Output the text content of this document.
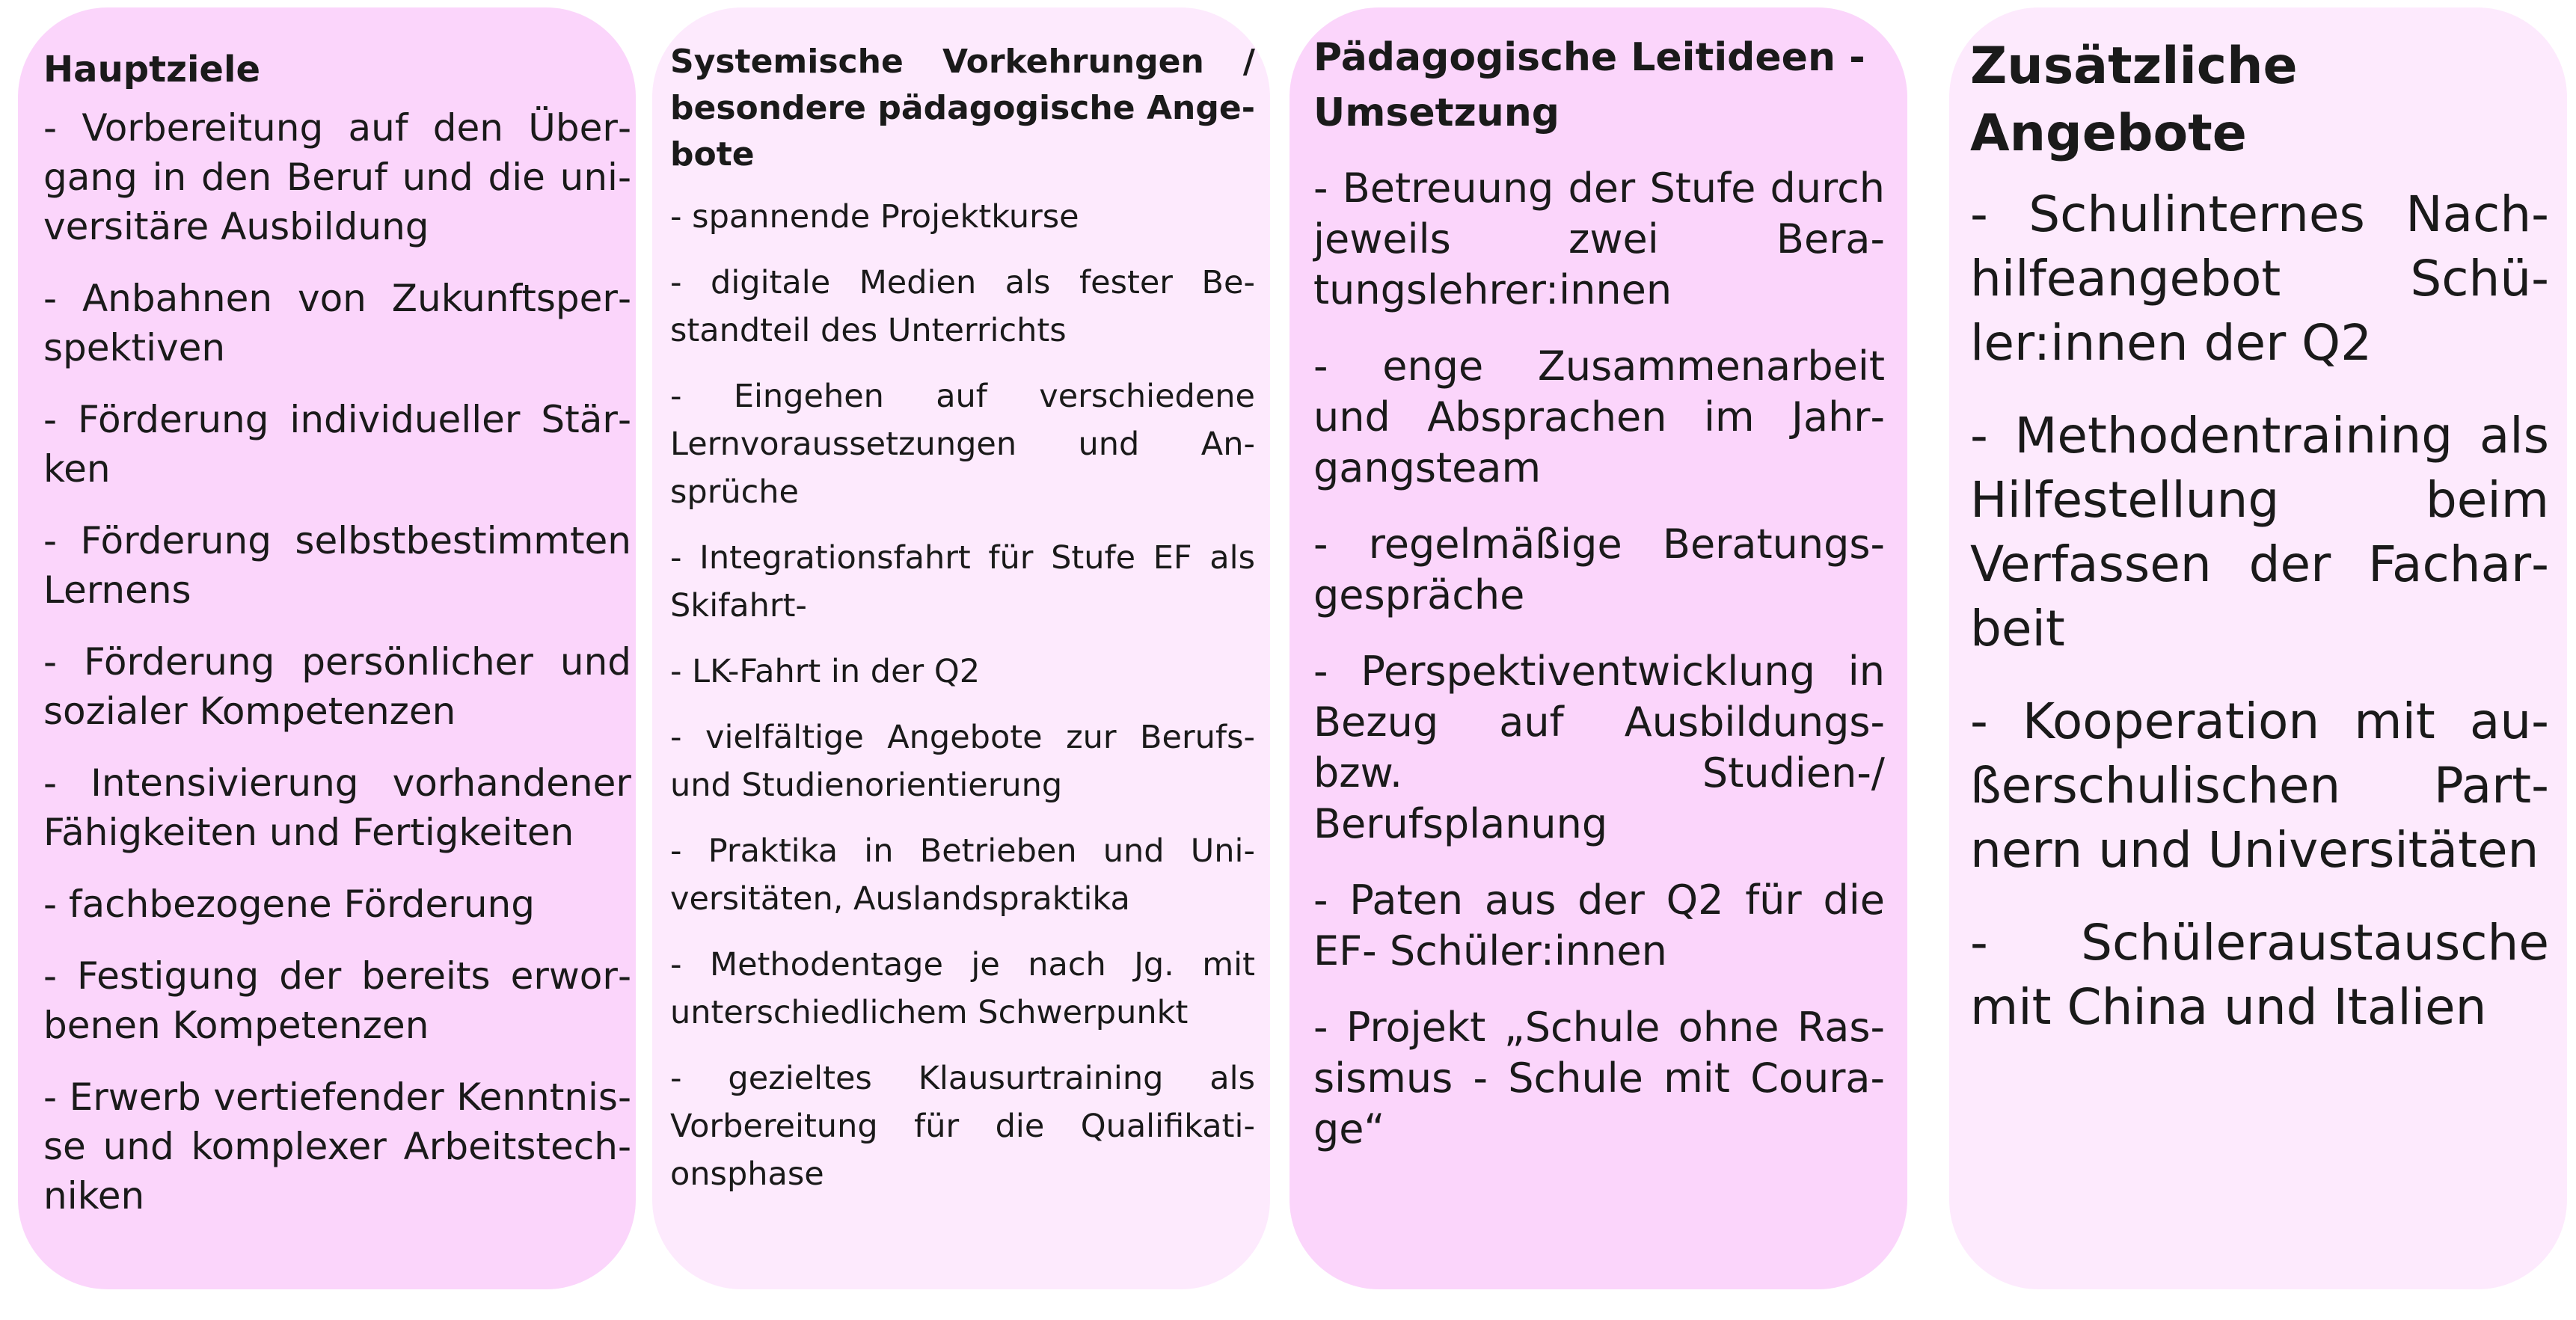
Hauptziele
- Vorbereitung auf den Übergang in den Beruf und die universitäre Ausbildung
- Anbahnen von Zukunftsperspektiven
- Förderung individueller Stärken
- Förderung selbstbestimmten Lernens
- Förderung persönlicher und sozialer Kompetenzen
- Intensivierung vorhandener Fähigkeiten und Fertigkeiten
- fachbezogene Förderung
- Festigung der bereits erworbenen Kompetenzen
- Erwerb vertiefender Kenntnisse und komplexer Arbeitstechniken
Systemische Vorkehrungen / besondere pädagogische Angebote
- spannende Projektkurse
- digitale Medien als fester Bestandteil des Unterrichts
- Eingehen auf verschiedene Lernvoraussetzungen und Ansprüche
- Integrationsfahrt für Stufe EF als Skifahrt-
- LK-Fahrt in der Q2
- vielfältige Angebote zur Berufs- und Studienorientierung
- Praktika in Betrieben und Universitäten, Auslandspraktika
- Methodentage je nach Jg. mit unterschiedlichem Schwerpunkt
- gezieltes Klausurtraining als Vorbereitung für die Qualifikationsphase
Pädagogische Leitideen - Umsetzung
- Betreuung der Stufe durch jeweils zwei Beratungslehrer:innen
- enge Zusammenarbeit und Absprachen im Jahrgangsteam
- regelmäßige Beratungsgespräche
- Perspektiventwicklung in Bezug auf Ausbildungs- bzw. Studien-/ Berufsplanung
- Paten aus der Q2 für die EF- Schüler:innen
- Projekt „Schule ohne Rassismus - Schule mit Courage“
Zusätzliche Angebote
- Schulinternes Nachhilfeangebot Schüler:innen der Q2
- Methodentraining als Hilfestellung beim Verfassen der Facharbeit
- Kooperation mit außerschulischen Partnern und Universitäten
- Schüleraustausche mit China und Italien
